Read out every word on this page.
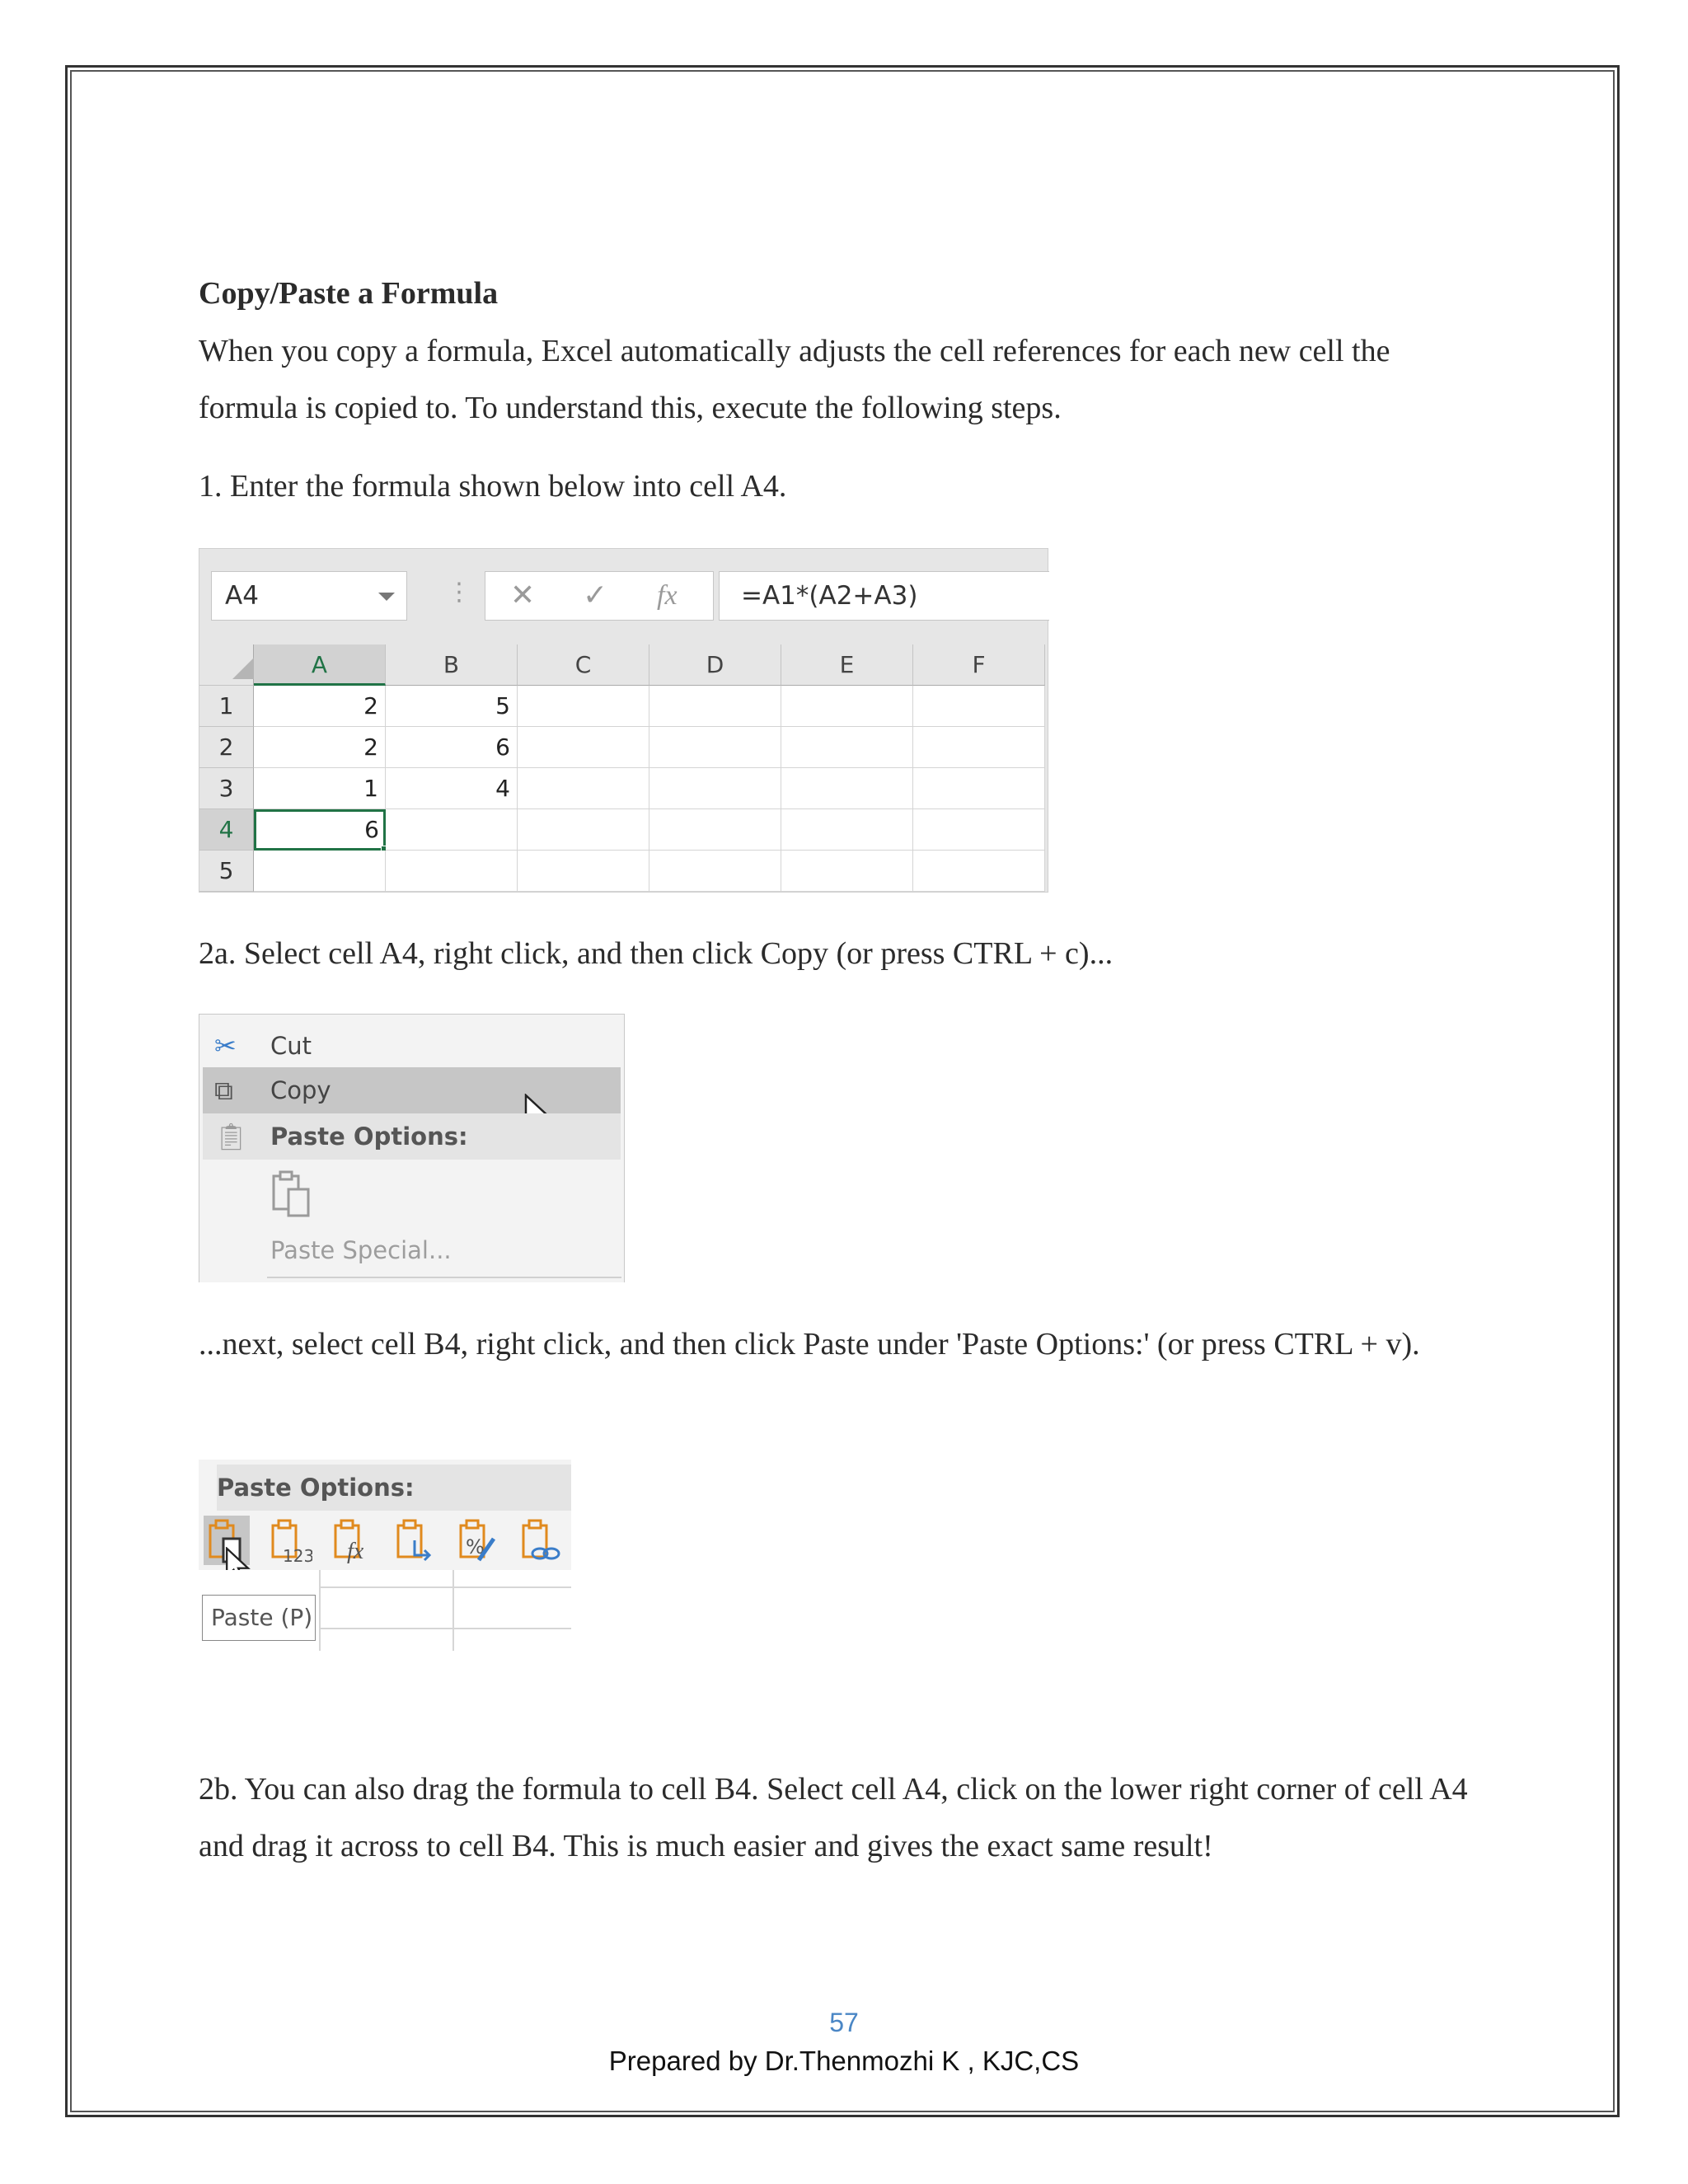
Copy/Paste a Formula
When you copy a formula, Excel automatically adjusts the cell references for each new cell the formula is copied to. To understand this, execute the following steps.
1. Enter the formula shown below into cell A4.
A4	⋮ ✕ ✓ fx	=A1*(A2+A3)
A	B	C	D	E	F
1	2	5
2	2	6
3	1	4
4	6
5
2a. Select cell A4, right click, and then click Copy (or press CTRL + c)...
✂ Cut
⧉ Copy
📋︎ Paste Options:
Paste Special...
...next, select cell B4, right click, and then click Paste under 'Paste Options:' (or press CTRL + v).
Paste Options:
123 fx	%
Paste (P)
2b. You can also drag the formula to cell B4. Select cell A4, click on the lower right corner of cell A4 and drag it across to cell B4. This is much easier and gives the exact same result!
57
Prepared by Dr.Thenmozhi K , KJC,CS
